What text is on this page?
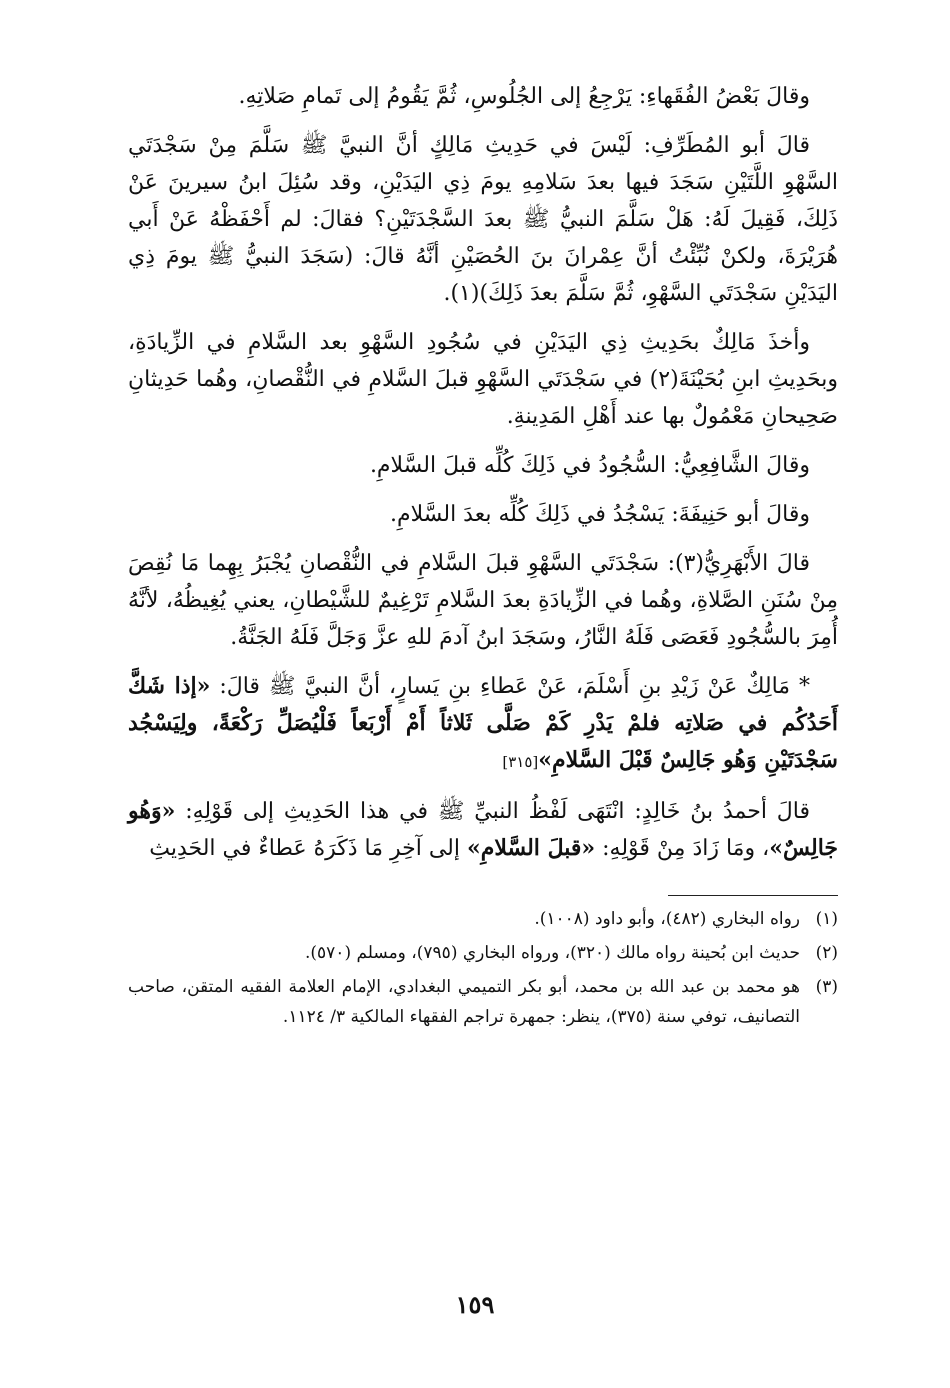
وقالَ بَعْضُ الفُقَهاءِ: يَرْجِعُ إلى الجُلُوسِ، ثُمَّ يَقُومُ إلى تَمامِ صَلاتِهِ.

قالَ أبو المُطَرِّفِ: لَيْسَ في حَدِيثِ مَالِكٍ أنَّ النبيَّ ﷺ سَلَّمَ مِنْ سَجْدَتَي السَّهْوِ اللَّتَيْنِ سَجَدَ فيها بعدَ سَلامِهِ يومَ ذِي اليَدَيْنِ، وقد سُئِلَ ابنُ سيرينَ عَنْ ذَلِكَ، فَقِيلَ لَهُ: هَلْ سَلَّمَ النبيُّ ﷺ بعدَ السَّجْدَتَيْنِ؟ فقالَ: لم أَحْفَظْهُ عَنْ أَبي هُرَيْرَةَ، ولكنْ نُبِّئْتُ أنَّ عِمْرانَ بنَ الحُصَيْنِ أنَّهُ قالَ: (سَجَدَ النبيُّ ﷺ يومَ ذِي اليَدَيْنِ سَجْدَتَي السَّهْوِ، ثُمَّ سَلَّمَ بعدَ ذَلِكَ)(١).

وأخذَ مَالِكٌ بحَدِيثِ ذِي اليَدَيْنِ في سُجُودِ السَّهْوِ بعد السَّلامِ في الزِّيادَةِ، وبحَدِيثِ ابنِ بُحَيْنَةَ(٢) في سَجْدَتَي السَّهْوِ قبلَ السَّلامِ في النُّقْصانِ، وهُما حَدِيثانِ صَحِيحانِ مَعْمُولٌ بها عند أَهْلِ المَدِينةِ.

وقالَ الشَّافِعِيُّ: السُّجُودُ في ذَلِكَ كُلِّه قبلَ السَّلامِ.

وقالَ أبو حَنِيفَةَ: يَسْجُدُ في ذَلِكَ كُلِّه بعدَ السَّلامِ.

قالَ الأَبْهَرِيُّ(٣): سَجْدَتَي السَّهْوِ قبلَ السَّلامِ في النُّقْصانِ يُجْبَرُ بِهِما مَا نُقِصَ مِنْ سُنَنِ الصَّلاةِ، وهُما في الزِّيادَةِ بعدَ السَّلامِ تَرْغِيمٌ للشَّيْطانِ، يعني يُغِيظُهُ، لأنَّهُ أُمِرَ بالسُّجُودِ فَعَصَى فَلَهُ النَّارُ، وسَجَدَ ابنُ آدمَ للهِ عزَّ وَجَلَّ فَلَهُ الجَنَّةُ.

* مَالِكٌ عَنْ زَيْدِ بنِ أَسْلَمَ، عَنْ عَطاءِ بنِ يَسارٍ، أنَّ النبيَّ ﷺ قالَ: «إذا شَكَّ أَحَدُكُم في صَلاتِه فلمْ يَدْرِ كَمْ صَلَّى ثَلاثاً أَمْ أَرْبَعاً فَلْيُصَلِّ رَكْعَةً، ولِيَسْجُد سَجْدَتَيْنِ وَهُو جَالِسٌ قَبْلَ السَّلامِ»[٣١٥]

قالَ أحمدُ بنُ خَالِدٍ: انْتَهَى لَفْظُ النبيِّ ﷺ في هذا الحَدِيثِ إلى قَوْلِهِ: «وَهُو جَالِسٌ»، ومَا زَادَ مِنْ قَوْلِهِ: «قبلَ السَّلامِ» إلى آخِرِ مَا ذَكَرَهُ عَطاءٌ في الحَدِيثِ

(١)
رواه البخاري (٤٨٢)، وأبو داود (١٠٠٨).
(٢)
حديث ابن بُحينة رواه مالك (٣٢٠)، ورواه البخاري (٧٩٥)، ومسلم (٥٧٠).
(٣)
هو محمد بن عبد الله بن محمد، أبو بكر التميمي البغدادي، الإمام العلامة الفقيه المتقن، صاحب التصانيف، توفي سنة (٣٧٥)، ينظر: جمهرة تراجم الفقهاء المالكية ٣/ ١١٢٤.
١٥٩
